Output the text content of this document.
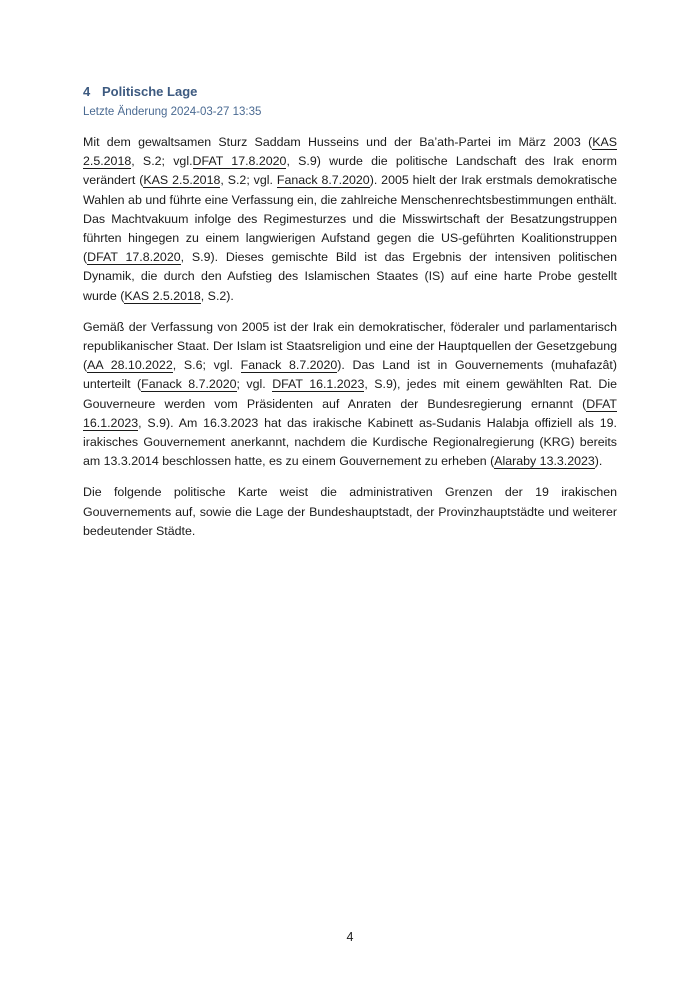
4 Politische Lage
Letzte Änderung 2024-03-27 13:35

Mit dem gewaltsamen Sturz Saddam Husseins und der Ba’ath-Partei im März 2003 (KAS 2.5.2018, S.2; vgl.DFAT 17.8.2020, S.9) wurde die politische Landschaft des Irak enorm verändert (KAS 2.5.2018, S.2; vgl. Fanack 8.7.2020). 2005 hielt der Irak erstmals demokratische Wahlen ab und führte eine Verfassung ein, die zahlreiche Menschenrechtsbestimmungen enthält. Das Machtvakuum infolge des Regimesturzes und die Misswirtschaft der Besatzungstruppen führten hingegen zu einem langwierigen Aufstand gegen die US-geführten Koalitionstruppen (DFAT 17.8.2020, S.9). Dieses gemischte Bild ist das Ergebnis der intensiven politischen Dynamik, die durch den Aufstieg des Islamischen Staates (IS) auf eine harte Probe gestellt wurde (KAS 2.5.2018, S.2).

Gemäß der Verfassung von 2005 ist der Irak ein demokratischer, föderaler und parlamentarisch republikanischer Staat. Der Islam ist Staatsreligion und eine der Hauptquellen der Gesetzgebung (AA 28.10.2022, S.6; vgl. Fanack 8.7.2020). Das Land ist in Gouvernements (muhafazât) unterteilt (Fanack 8.7.2020; vgl. DFAT 16.1.2023, S.9), jedes mit einem gewählten Rat. Die Gouverneure werden vom Präsidenten auf Anraten der Bundesregierung ernannt (DFAT 16.1.2023, S.9). Am 16.3.2023 hat das irakische Kabinett as-Sudanis Halabja offiziell als 19. irakisches Gouvernement anerkannt, nachdem die Kurdische Regionalregierung (KRG) bereits am 13.3.2014 beschlossen hatte, es zu einem Gouvernement zu erheben (Alaraby 13.3.2023).

Die folgende politische Karte weist die administrativen Grenzen der 19 irakischen Gouvernements auf, sowie die Lage der Bundeshauptstadt, der Provinzhauptstädte und weiterer bedeutender Städte.

4
